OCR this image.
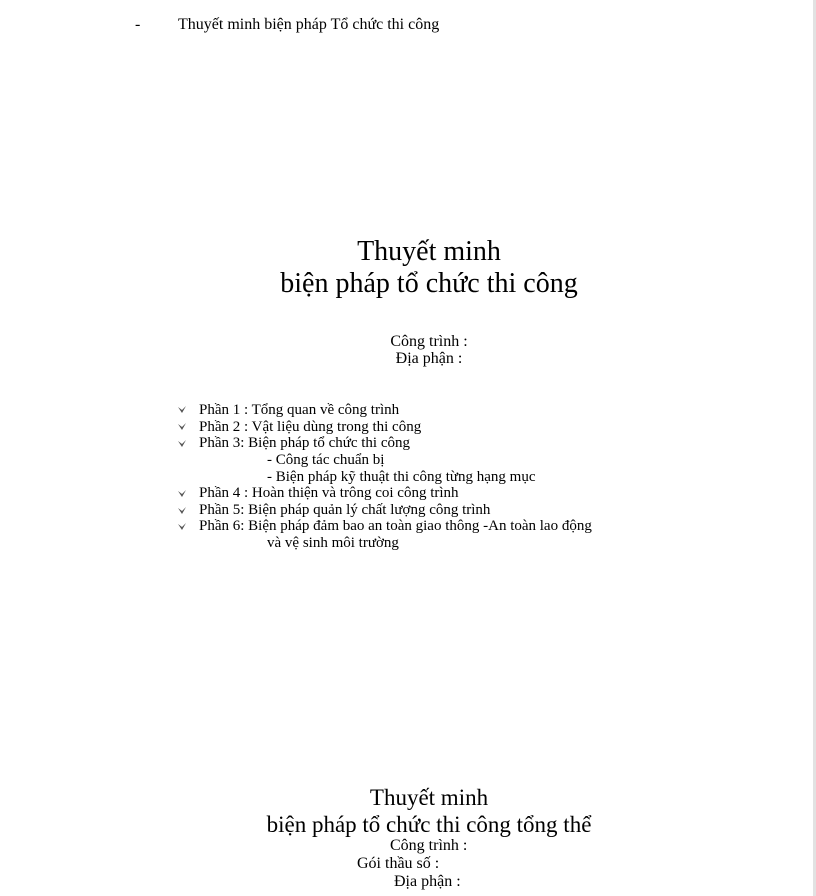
- Thuyết minh biện pháp Tổ chức thi công
Thuyết minh
biện pháp tổ chức thi công
Công trình :
Địa phận :
Phần 1 : Tổng quan về công trình
Phần 2 : Vật liệu dùng trong thi công
Phần 3: Biện pháp tổ chức thi công
- Công tác chuẩn bị
- Biện pháp kỹ thuật thi công từng hạng mục
Phần 4 : Hoàn thiện và trông coi công trình
Phần 5: Biện pháp quản lý chất lượng công trình
Phần 6: Biện pháp đảm bao an toàn giao thông -An toàn lao động
và vệ sinh môi trường
Thuyết minh
biện pháp tổ chức thi công tổng thể
Công trình :
Gói thầu số :
Địa phận :
